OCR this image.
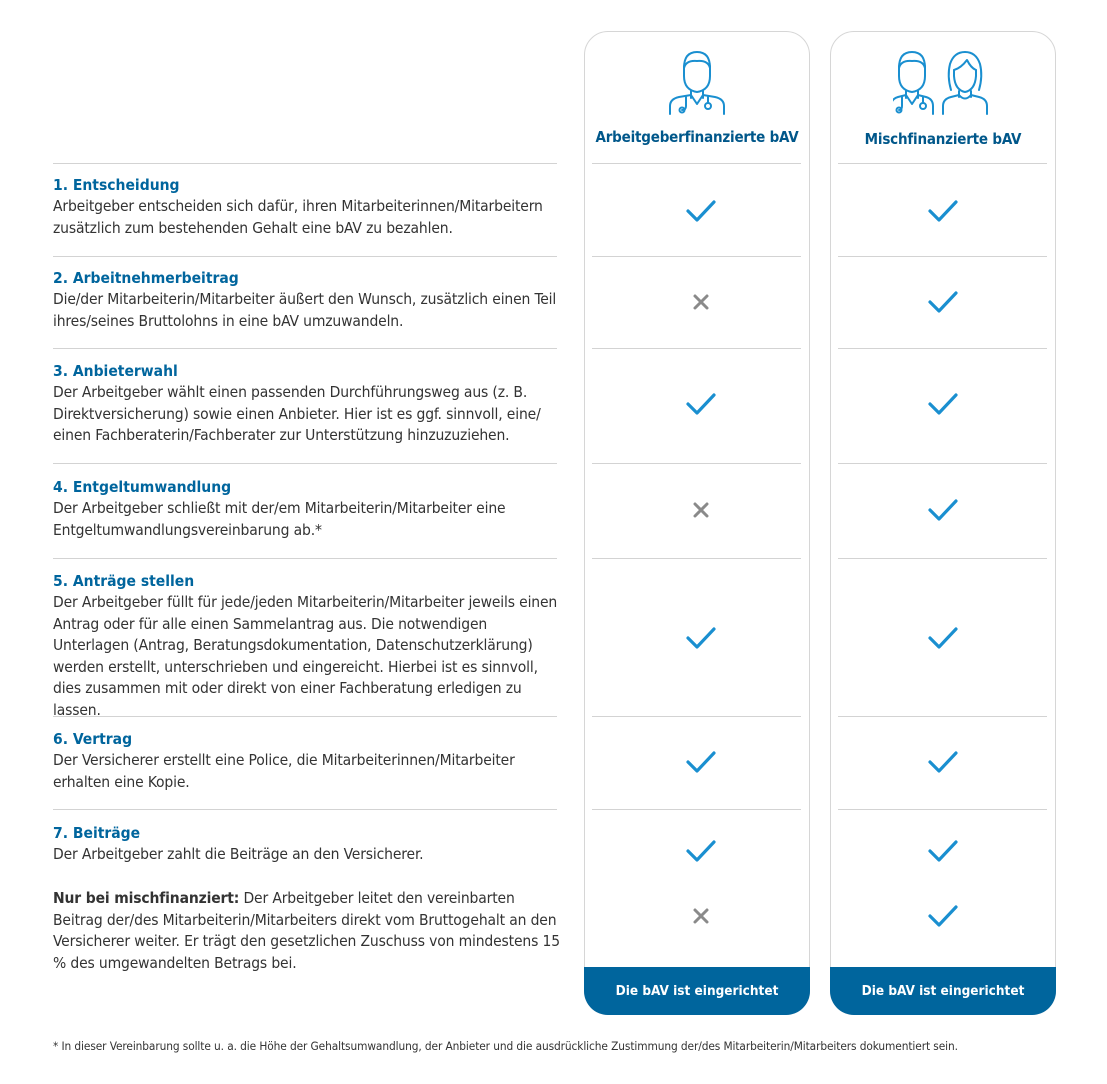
Arbeitgeberfinanzierte bAV
Die bAV ist eingerichtet
Mischfinanzierte bAV
Die bAV ist eingerichtet
1. Entscheidung
Arbeitgeber entscheiden sich dafür, ihren Mitarbeiterinnen/Mitarbeitern zusätzlich zum bestehenden Gehalt eine bAV zu bezahlen.
2. Arbeitnehmerbeitrag
Die/der Mitarbeiterin/Mitarbeiter äußert den Wunsch, zusätzlich einen Teil ihres/seines Bruttolohns in eine bAV umzuwandeln.
3. Anbieterwahl
Der Arbeitgeber wählt einen passenden Durchführungsweg aus (z. B. Direktversicherung) sowie einen Anbieter. Hier ist es ggf. sinnvoll, eine/ einen Fachberaterin/Fachberater zur Unterstützung hinzuzuziehen.
4. Entgeltumwandlung
Der Arbeitgeber schließt mit der/em Mitarbeiterin/Mitarbeiter eine Entgeltumwandlungsvereinbarung ab.*
5. Anträge stellen
Der Arbeitgeber füllt für jede/jeden Mitarbeiterin/Mitarbeiter jeweils einen Antrag oder für alle einen Sammelantrag aus. Die notwendigen Unterlagen (Antrag, Beratungsdokumentation, Datenschutzerklärung) werden erstellt, unterschrieben und eingereicht. Hierbei ist es sinnvoll, dies zusammen mit oder direkt von einer Fachberatung erledigen zu lassen.
6. Vertrag
Der Versicherer erstellt eine Police, die Mitarbeiterinnen/Mitarbeiter erhalten eine Kopie.
7. Beiträge
Der Arbeitgeber zahlt die Beiträge an den Versicherer.
Nur bei mischfinanziert: Der Arbeitgeber leitet den vereinbarten Beitrag der/des Mitarbeiterin/Mitarbeiters direkt vom Bruttogehalt an den Versicherer weiter. Er trägt den gesetzlichen Zuschuss von mindestens 15 % des umgewandelten Betrags bei.
* In dieser Vereinbarung sollte u. a. die Höhe der Gehaltsumwandlung, der Anbieter und die ausdrückliche Zustimmung der/des Mitarbeiterin/Mitarbeiters dokumentiert sein.
